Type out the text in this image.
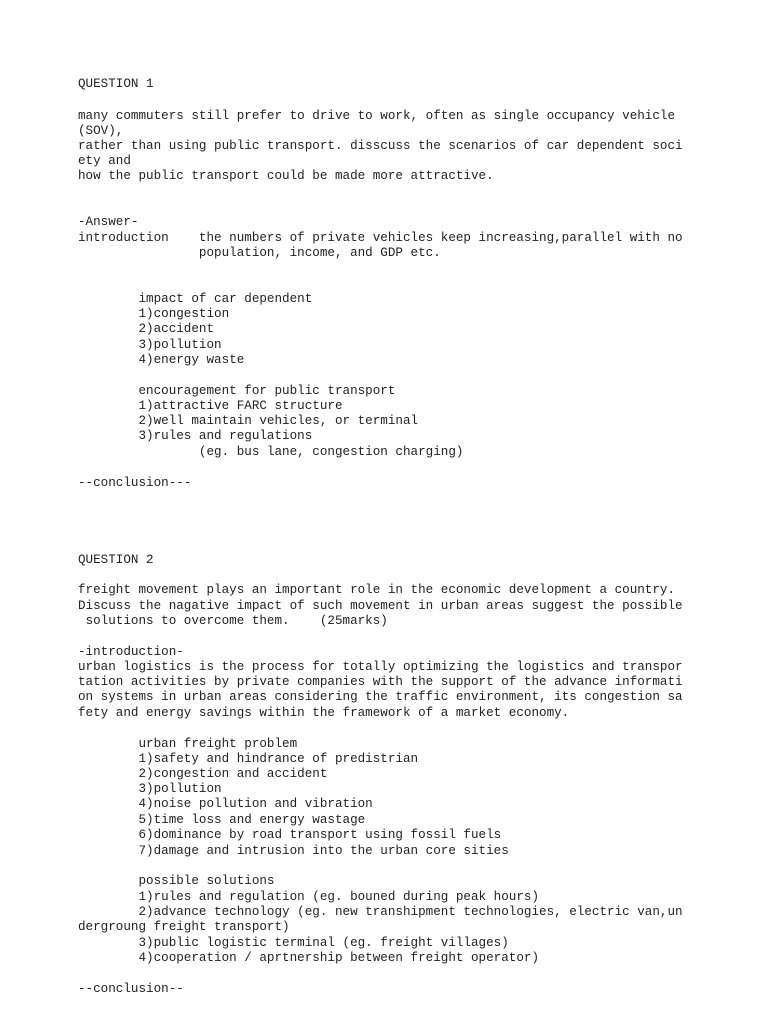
QUESTION 1
many commuters still prefer to drive to work, often as single occupancy vehicle
(SOV),
rather than using public transport. disscuss the scenarios of car dependent soci
ety and
how the public transport could be made more attractive.
-Answer-
introduction    the numbers of private vehicles keep increasing,parallel with no
population, income, and GDP etc.
impact of car dependent
1)congestion
2)accident
3)pollution
4)energy waste
encouragement for public transport
1)attractive FARC structure
2)well maintain vehicles, or terminal
3)rules and regulations
(eg. bus lane, congestion charging)
--conclusion---
QUESTION 2
freight movement plays an important role in the economic development a country.
Discuss the nagative impact of such movement in urban areas suggest the possible
solutions to overcome them.    (25marks)
-introduction-
urban logistics is the process for totally optimizing the logistics and transpor
tation activities by private companies with the support of the advance informati
on systems in urban areas considering the traffic environment, its congestion sa
fety and energy savings within the framework of a market economy.
urban freight problem
1)safety and hindrance of predistrian
2)congestion and accident
3)pollution
4)noise pollution and vibration
5)time loss and energy wastage
6)dominance by road transport using fossil fuels
7)damage and intrusion into the urban core sities
possible solutions
1)rules and regulation (eg. bouned during peak hours)
2)advance technology (eg. new transhipment technologies, electric van,un
dergroung freight transport)
3)public logistic terminal (eg. freight villages)
4)cooperation / aprtnership between freight operator)
--conclusion--
